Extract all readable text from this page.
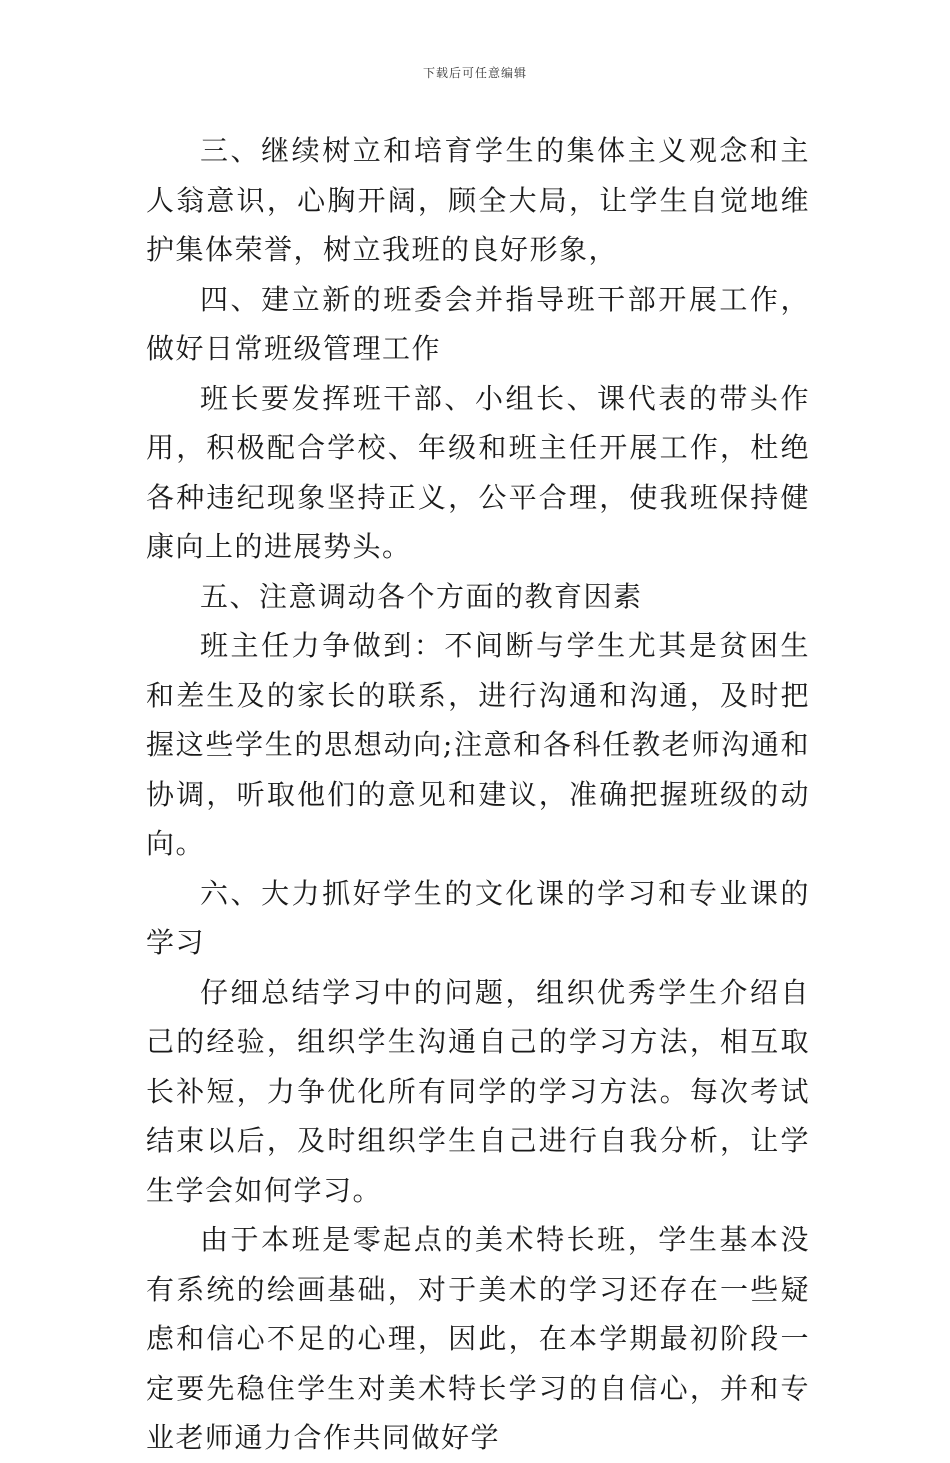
下载后可任意编辑

三、继续树立和培育学生的集体主义观念和主人翁意识，心胸开阔，顾全大局，让学生自觉地维护集体荣誉，树立我班的良好形象，

四、建立新的班委会并指导班干部开展工作，做好日常班级管理工作

班长要发挥班干部、小组长、课代表的带头作用，积极配合学校、年级和班主任开展工作，杜绝各种违纪现象坚持正义，公平合理，使我班保持健康向上的进展势头。

五、注意调动各个方面的教育因素

班主任力争做到：不间断与学生尤其是贫困生和差生及的家长的联系，进行沟通和沟通，及时把握这些学生的思想动向;注意和各科任教老师沟通和协调，听取他们的意见和建议，准确把握班级的动向。

六、大力抓好学生的文化课的学习和专业课的学习

仔细总结学习中的问题，组织优秀学生介绍自己的经验，组织学生沟通自己的学习方法，相互取长补短，力争优化所有同学的学习方法。每次考试结束以后，及时组织学生自己进行自我分析，让学生学会如何学习。

由于本班是零起点的美术特长班，学生基本没有系统的绘画基础，对于美术的学习还存在一些疑虑和信心不足的心理，因此，在本学期最初阶段一定要先稳住学生对美术特长学习的自信心，并和专业老师通力合作共同做好学
